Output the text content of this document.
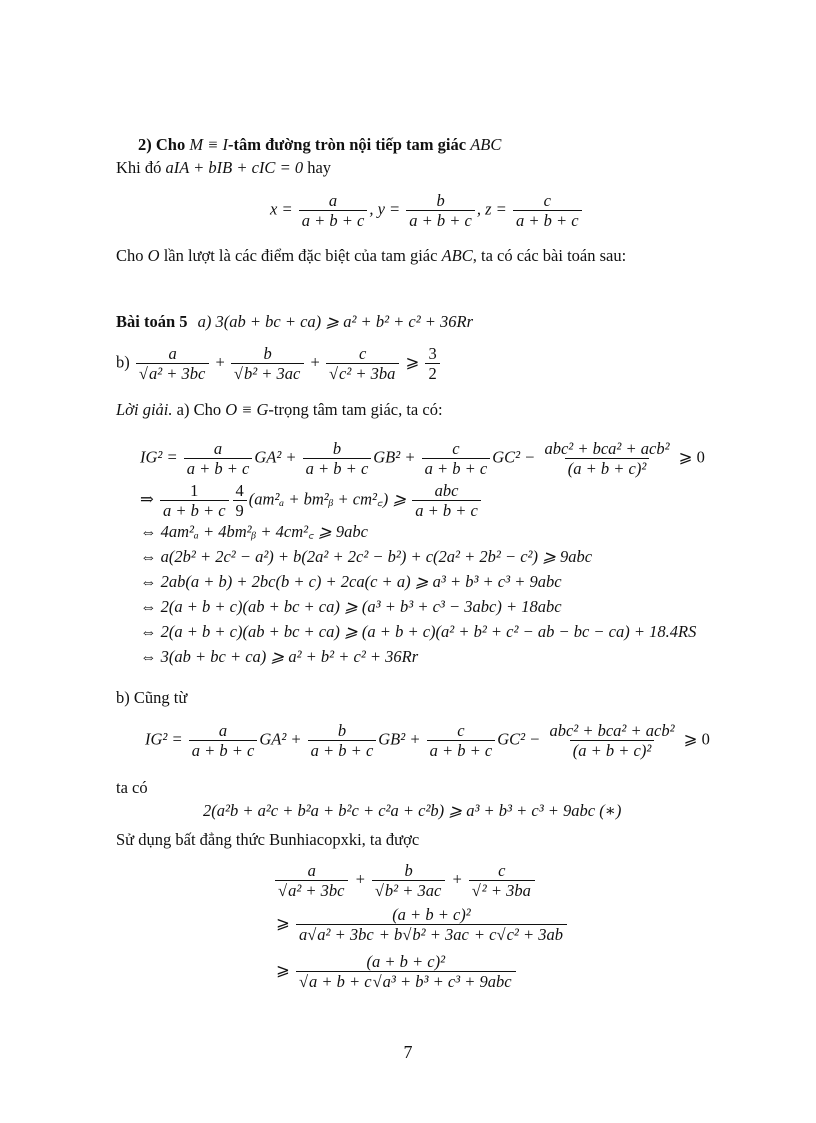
2) Cho M ≡ I-tâm đường tròn nội tiếp tam giác ABC
Khi đó aIA + bIB + cIC = 0 hay
$x = \frac{a}{a + b + c}$ , $y = \frac{b}{a + b + c}$ , $z = \frac{c}{a + b + c}$
Cho O lần lượt là các điểm đặc biệt của tam giác ABC, ta có các bài toán sau:
Bài toán 5 a) 3(ab + bc + ca) ⩾ a² + b² + c² + 36Rr
$b) \frac{a}{\text{√a² + 3bc}} + \frac{b}{\text{√b² + 3ac}} + \frac{c}{\text{√c² + 3ba}}$ ⩾ $\frac{3}{2}$
Lời giải. a) Cho O ≡ G-trọng tâm tam giác, ta có:
$IG^2 = \frac{a}{a + b + c} GA^2 + \frac{b}{a + b + c} GB^2 + \frac{c}{a + b + c} GC^2 - \frac{\text{abc² + bca² + acb²}}{\text{(a + b + c)²}}$ ⩾ 0
⇒ $\frac{1}{a + b + c} \frac{4}{9} (am^2_a$ + bm²ᵦ + cm²꜀) ⩾ $\frac{\text{abc}}{a + b + c}$
⇔ 4am²ₐ + 4bm²ᵦ + 4cm²꜀ ⩾ 9abc
⇔ a(2b² + 2c² − a²) + b(2a² + 2c² − b²) + c(2a² + 2b² − c²) ⩾ 9abc
⇔ 2ab(a + b) + 2bc(b + c) + 2ca(c + a) ⩾ a³ + b³ + c³ + 9abc
⇔ 2(a + b + c)(ab + bc + ca) ⩾ (a³ + b³ + c³ − 3abc) + 18abc
⇔ 2(a + b + c)(ab + bc + ca) ⩾ (a + b + c)(a² + b² + c² − ab − bc − ca) + 18.4RS
⇔ 3(ab + bc + ca) ⩾ a² + b² + c² + 36Rr
b) Cũng từ
$IG^2 = \frac{a}{a + b + c} GA^2 + \frac{b}{a + b + c} GB^2 + \frac{c}{a + b + c} GC^2 - \frac{\text{abc² + bca² + acb²}}{\text{(a + b + c)²}}$ ⩾ 0
ta có
2(a²b + a²c + b²a + b²c + c²a + c²b) ⩾ a³ + b³ + c³ + 9abc (∗)
Sử dụng bất đẳng thức Bunhiacopxki, ta được
$\frac{a}{\text{√a² + 3bc}} + \frac{b}{\text{√b² + 3ac}} + \frac{c}{\text{√² + 3ba}}$
⩾ $\frac{\text{(a + b + c)²}}{\text{a√a² + 3bc + b√b² + 3ac + c√c² + 3ab}}$
⩾ $\frac{\text{(a + b + c)²}}{\text{√a + b + c√a³ + b³ + c³ + 9abc}}$
7
